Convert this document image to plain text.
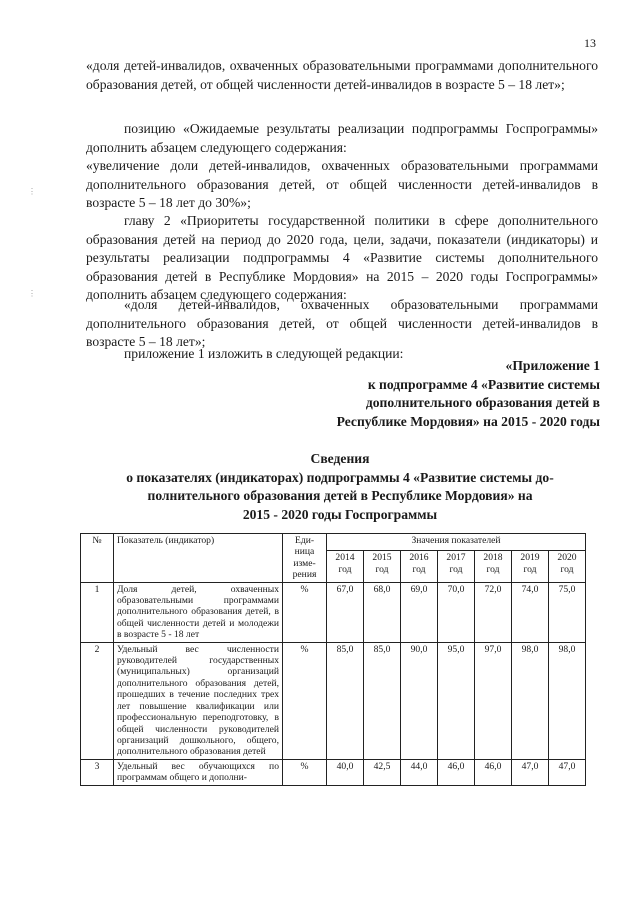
13
⋮
⋮

«доля детей-инвалидов, охваченных образовательными программами дополнительного образования детей, от общей численности детей-инвалидов в возрасте 5 – 18 лет»;

позицию «Ожидаемые результаты реализации подпрограммы Госпрограммы» дополнить абзацем следующего содержания:

«увеличение доли детей-инвалидов, охваченных образовательными программами дополнительного образования детей, от общей численности детей-инвалидов в возрасте 5 – 18 лет до 30%»;

главу 2 «Приоритеты государственной политики в сфере дополнительного образования детей на период до 2020 года, цели, задачи, показатели (индикаторы) и результаты реализации подпрограммы 4 «Развитие системы дополнительного образования детей в Республике Мордовия» на 2015 – 2020 годы Госпрограммы» дополнить абзацем следующего содержания:

«доля детей-инвалидов, охваченных образовательными программами дополнительного образования детей, от общей численности детей-инвалидов в возрасте 5 – 18 лет»;

приложение 1 изложить в следующей редакции:

«Приложение 1
к подпрограмме 4 «Развитие системы
дополнительного образования детей в
Республике Мордовия» на 2015 - 2020 годы
Сведения
о показателях (индикаторах) подпрограммы 4 «Развитие системы до-
полнительного образования детей в Республике Мордовия» на
2015 - 2020 годы Госпрограммы
№	Показатель (индикатор)	Еди-ница изме-рения	Значения показателей						
			2014 год	2015 год	2016 год	2017 год	2018 год	2019 год	2020 год
1	Доля детей, охваченных образовательными программами дополнительного образования детей, в общей численности детей и молодежи в возрасте 5 - 18 лет	%	67,0	68,0	69,0	70,0	72,0	74,0	75,0
2	Удельный вес численности руководителей государственных (муниципальных) организаций дополнительного образования детей, прошедших в течение последних трех лет повышение квалификации или профессиональную переподготовку, в общей численности руководителей организаций дошкольного, общего, дополнительного образования детей	%	85,0	85,0	90,0	95,0	97,0	98,0	98,0
3	Удельный вес обучающихся по программам общего и дополни-	%	40,0	42,5	44,0	46,0	46,0	47,0	47,0
